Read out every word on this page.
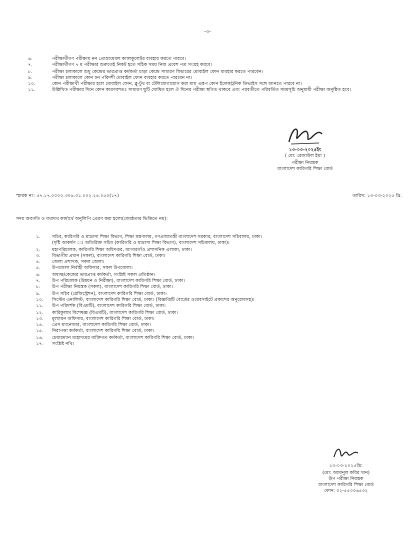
-৩-
৬.	পরীক্ষার্থীগণ পরীক্ষায় নন প্রোগ্রামেবল ক্যালকুলেটর ব্যবহার করতে পারবে।
৭.	পরীক্ষার্থীগণ ৭ ম পরীক্ষার শুরুতেই নিকট হতে সঠিক সময় নিজ প্রবেশ পত্র সংগ্রহ করবে।
৮.	পরীক্ষা চলাকালে শুধু কেন্দ্রের ভারপ্রাপ্ত কর্মকর্তা চাড়া কেন্দ্রে সাধারণ ফিচারের মোবাইল ফোন ব্যবহার করতে পারবেন।
৯.	পরীক্ষা চলাকালে কোন ঢন পরিদর্শী মোবাইল ফোন ব্যবহার করতে পারবেন না।
১০.	কোন পরীক্ষার্থী পরীক্ষার হলে মোবাইল ফোন, ব্লু-টুথ বা টেলিযোগাযোগ করা যায় এরূপ কোন ইলেকট্রনিক ডিভাইস সঙ্গে আনতে পারবে না।
১১.	উল্লিখিত পরীক্ষার দিনে কোন কারণবশতঃ সাধারণ ছুটি ঘোষিত হলে ঐ দিনের পরীক্ষা স্থগিত থাকবে এবং পরবর্তীতে পরিবর্তিত সময়সূচি অনুযায়ী পরীক্ষা অনুষ্ঠিত হবে।
১৩-০৩-২০২৫ইং
( মো: রেজাউল ইয়া )
পরীক্ষা নিয়ন্ত্রক
বাংলাদেশ কারিগরি শিক্ষা বোর্ড
স্মারক নং: ৫৭.১৭.০০০০.৩০৬.৩১.০০২.২৪.০৫০(১৭)	তারিখ: ১৩-০৩-২০২৫ খ্রি.
সদয় অবগতি ও যথাযথ কার্যার্থে অনুলিপি প্রেরণ করা হলো(জ্যেষ্ঠতার ভিত্তিতে নয়):
১.	সচিব, কারিগরি ও মাদ্রাসা শিক্ষা বিভাগ, শিক্ষা মন্ত্রণালয়, গণপ্রজাতন্ত্রী বাংলাদেশ সরকার, বাংলাদেশ সচিবালয়, ঢাকা।
(দৃষ্টি আকর্ষণ ঃ অতিরিক্ত সচিব (কারিগরি ও মাদ্রাসা শিক্ষা বিভাগ), বাংলাদেশ সচিবালয়, ঢাকা)।
২.	মহাপরিচালক, কারিগরি শিক্ষা অধিদপ্তর, আগারগাঁও প্রশাসনিক এলাকা, ঢাকা।
৩.	বিভাগীয় প্রধান (সকল), বাংলাদেশ কারিগরি শিক্ষা বোর্ড, ঢাকা।
৪.	জেলা প্রশাসক, সকল জেলা।
৫.	উপজেলা নির্বাহী অফিসার, সকল উপজেলা।
৬.	অধ্যক্ষ/কেন্দ্রের ভারপ্রাপ্ত কর্মকর্তা, সংশ্লিষ্ট সকল প্রতিষ্ঠান।
৭.	উপ পরিচালক (উন্নয়ন ও নিরীক্ষা), বাংলাদেশ কারিগরি শিক্ষা বোর্ড, ঢাকা।
৮.	উপ পরীক্ষা নিয়ন্ত্রক (সকল), বাংলাদেশ কারিগরি শিক্ষা বোর্ড, ঢাকা।
৯.	উপ সচিব (রেজিস্ট্রেশন), বাংলাদেশ কারিগরি শিক্ষা বোর্ড, ঢাকা।
১০.	সিস্টেম এনালিস্ট, বাংলাদেশ কারিগরি শিক্ষা বোর্ড, ঢাকা। (বিজ্ঞপ্তিটি বোর্ডের ওয়েবসাইটে প্রকাশের অনুরোধসহ)।
১১.	উপ পরিদর্শক (বিএমটি), বাংলাদেশ কারিগরি শিক্ষা বোর্ড, ঢাকা।
১২.	কারিকুলাম বিশেষজ্ঞ (বিএমটি), বাংলাদেশ কারিগরি শিক্ষা বোর্ড, ঢাকা।
১৩.	মূল্যায়ন অফিসার, বাংলাদেশ কারিগরি শিক্ষা বোর্ড, ঢাকা।
১৪.	প্রেস ম্যানেজার, বাংলাদেশ কারিগরি শিক্ষা বোর্ড, ঢাকা।
১৫.	নিরাপত্তা কর্মকর্তা, বাংলাদেশ কারিগরি শিক্ষা বোর্ড, ঢাকা।
১৬.	চেয়ারম্যান মহোদয়ের ব্যক্তিগত কর্মকর্তা, বাংলাদেশ কারিগরি শিক্ষা বোর্ড, ঢাকা।
১৭.	সংশ্লিষ্ট নথি।
১৩-০৩-২০২৫খ্রি:
(মো: আমানুল কবির খান)
উপ পরীক্ষা নিয়ন্ত্রক
বাংলাদেশ কারিগরি শিক্ষা বোর্ড
ফোন: ০২-৫৫০০৬৫৩২
